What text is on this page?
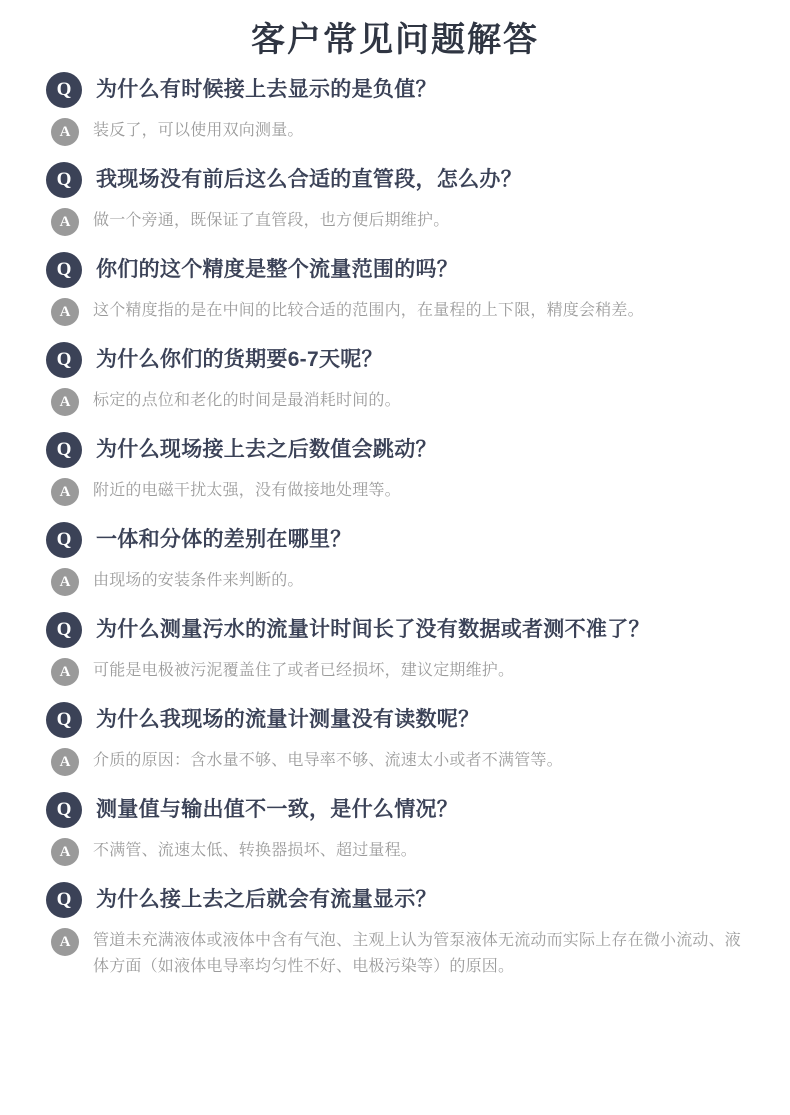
客户常见问题解答
Q	为什么有时候接上去显示的是负值？
A	装反了，可以使用双向测量。
Q	我现场没有前后这么合适的直管段，怎么办？
A	做一个旁通，既保证了直管段，也方便后期维护。
Q	你们的这个精度是整个流量范围的吗？
A	这个精度指的是在中间的比较合适的范围内，在量程的上下限，精度会稍差。
Q	为什么你们的货期要6-7天呢？
A	标定的点位和老化的时间是最消耗时间的。
Q	为什么现场接上去之后数值会跳动？
A	附近的电磁干扰太强，没有做接地处理等。
Q	一体和分体的差别在哪里？
A	由现场的安装条件来判断的。
Q	为什么测量污水的流量计时间长了没有数据或者测不准了？
A	可能是电极被污泥覆盖住了或者已经损坏，建议定期维护。
Q	为什么我现场的流量计测量没有读数呢？
A	介质的原因：含水量不够、电导率不够、流速太小或者不满管等。
Q	测量值与输出值不一致，是什么情况？
A	不满管、流速太低、转换器损坏、超过量程。
Q	为什么接上去之后就会有流量显示？
A	管道未充满液体或液体中含有气泡、主观上认为管泵液体无流动而实际上存在微小流动、液体方面（如液体电导率均匀性不好、电极污染等）的原因。
